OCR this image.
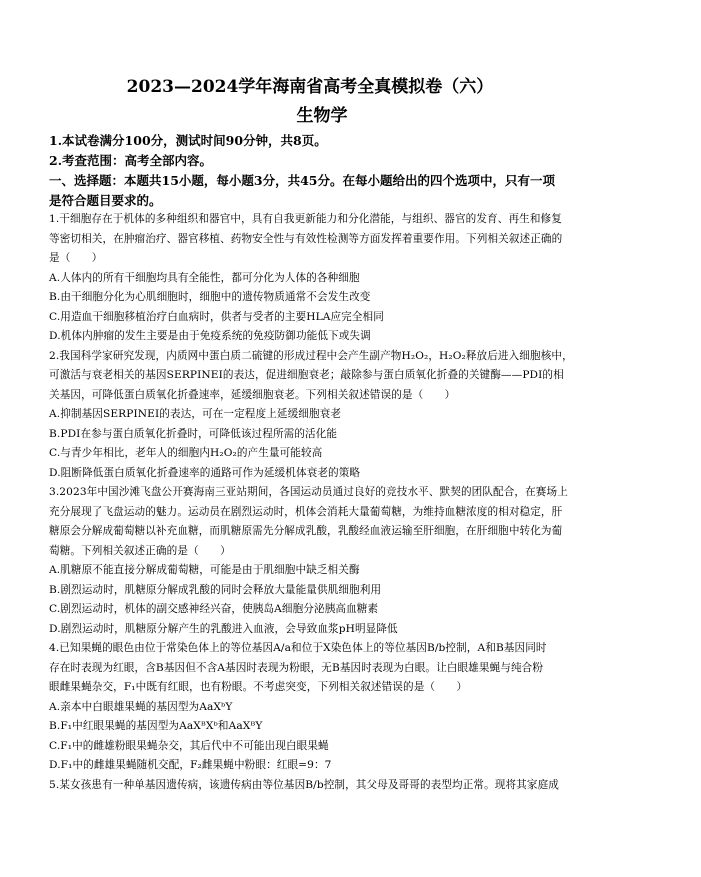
2023—2024学年海南省高考全真模拟卷（六）
生物学
1.本试卷满分100分，测试时间90分钟，共8页。
2.考查范围：高考全部内容。
一、选择题：本题共15小题，每小题3分，共45分。在每小题给出的四个选项中，只有一项
是符合题目要求的。
1.干细胞存在于机体的多种组织和器官中，具有自我更新能力和分化潜能，与组织、器官的发育、再生和修复
等密切相关，在肿瘤治疗、器官移植、药物安全性与有效性检测等方面发挥着重要作用。下列相关叙述正确的
是（　　）
A.人体内的所有干细胞均具有全能性，都可分化为人体的各种细胞
B.由干细胞分化为心肌细胞时，细胞中的遗传物质通常不会发生改变
C.用造血干细胞移植治疗白血病时，供者与受者的主要HLA应完全相同
D.机体内肿瘤的发生主要是由于免疫系统的免疫防御功能低下或失调
2.我国科学家研究发现，内质网中蛋白质二硫键的形成过程中会产生副产物H₂O₂，H₂O₂释放后进入细胞核中，
可激活与衰老相关的基因SERPINEI的表达，促进细胞衰老；敲除参与蛋白质氧化折叠的关键酶——PDI的相
关基因，可降低蛋白质氧化折叠速率，延缓细胞衰老。下列相关叙述错误的是（　　）
A.抑制基因SERPINEI的表达，可在一定程度上延缓细胞衰老
B.PDI在参与蛋白质氧化折叠时，可降低该过程所需的活化能
C.与青少年相比，老年人的细胞内H₂O₂的产生量可能较高
D.阻断降低蛋白质氧化折叠速率的通路可作为延缓机体衰老的策略
3.2023年中国沙滩飞盘公开赛海南三亚站期间，各国运动员通过良好的竞技水平、默契的团队配合，在赛场上
充分展现了飞盘运动的魅力。运动员在剧烈运动时，机体会消耗大量葡萄糖，为维持血糖浓度的相对稳定，肝
糖原会分解成葡萄糖以补充血糖，而肌糖原需先分解成乳酸，乳酸经血液运输至肝细胞，在肝细胞中转化为葡
萄糖。下列相关叙述正确的是（　　）
A.肌糖原不能直接分解成葡萄糖，可能是由于肌细胞中缺乏相关酶
B.剧烈运动时，肌糖原分解成乳酸的同时会释放大量能量供肌细胞利用
C.剧烈运动时，机体的副交感神经兴奋，使胰岛A细胞分泌胰高血糖素
D.剧烈运动时，肌糖原分解产生的乳酸进入血液，会导致血浆pH明显降低
4.已知果蝇的眼色由位于常染色体上的等位基因A/a和位于X染色体上的等位基因B/b控制，A和B基因同时
存在时表现为红眼，含B基因但不含A基因时表现为粉眼，无B基因时表现为白眼。让白眼雄果蝇与纯合粉
眼雌果蝇杂交，F₁中既有红眼，也有粉眼。不考虑突变，下列相关叙述错误的是（　　）
A.亲本中白眼雄果蝇的基因型为AaXᵇY
B.F₁中红眼果蝇的基因型为AaXᴮXᵇ和AaXᴮY
C.F₁中的雌雄粉眼果蝇杂交，其后代中不可能出现白眼果蝇
D.F₁中的雌雄果蝇随机交配，F₂雌果蝇中粉眼：红眼=9：7
5.某女孩患有一种单基因遗传病，该遗传病由等位基因B/b控制，其父母及哥哥的表型均正常。现将其家庭成
